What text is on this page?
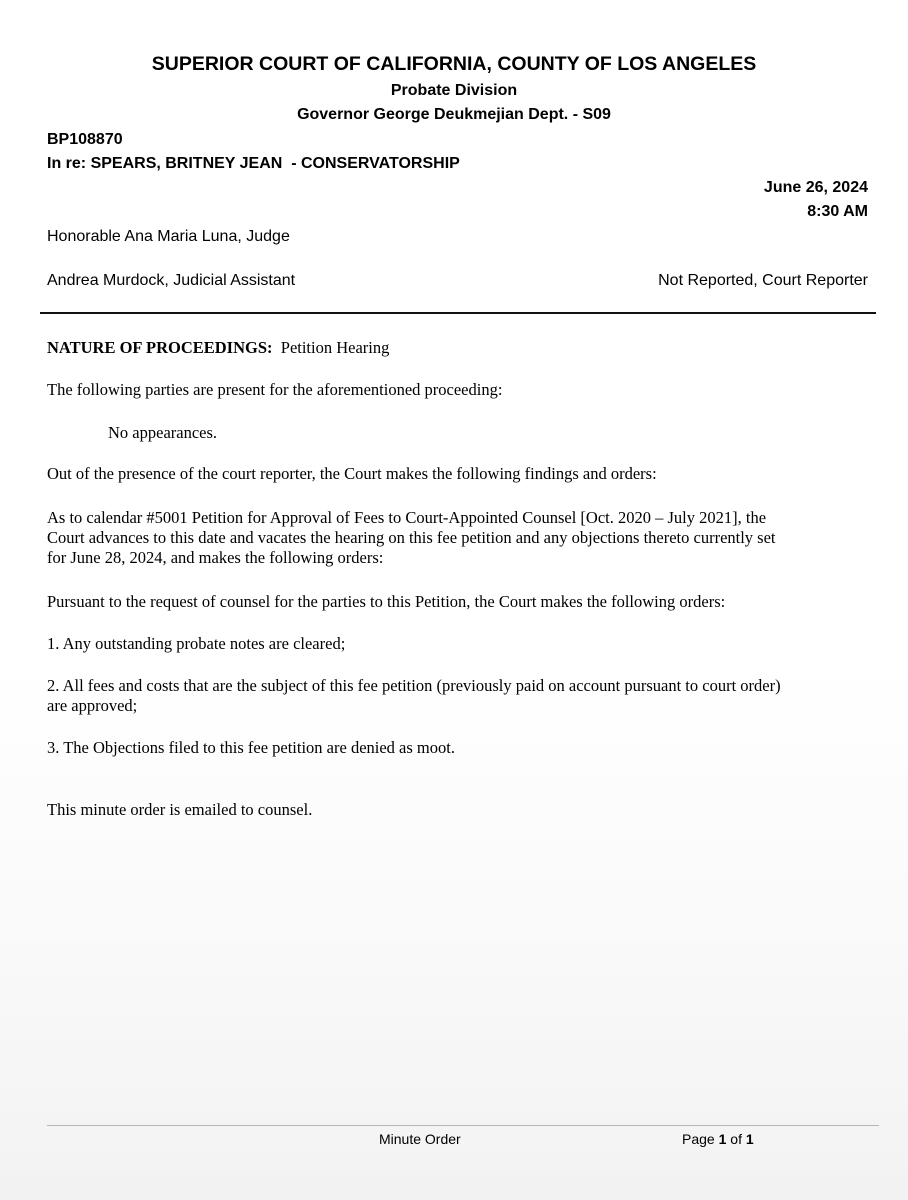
SUPERIOR COURT OF CALIFORNIA, COUNTY OF LOS ANGELES
Probate Division
Governor George Deukmejian Dept. - S09
BP108870
In re: SPEARS, BRITNEY JEAN  - CONSERVATORSHIP
June 26, 2024
8:30 AM
Honorable Ana Maria Luna, Judge
Andrea Murdock, Judicial Assistant	Not Reported, Court Reporter
NATURE OF PROCEEDINGS: Petition Hearing
The following parties are present for the aforementioned proceeding:
No appearances.
Out of the presence of the court reporter, the Court makes the following findings and orders:
As to calendar #5001 Petition for Approval of Fees to Court-Appointed Counsel [Oct. 2020 – July 2021], the
Court advances to this date and vacates the hearing on this fee petition and any objections thereto currently set
for June 28, 2024, and makes the following orders:
Pursuant to the request of counsel for the parties to this Petition, the Court makes the following orders:
1. Any outstanding probate notes are cleared;
2. All fees and costs that are the subject of this fee petition (previously paid on account pursuant to court order)
are approved;
3. The Objections filed to this fee petition are denied as moot.
This minute order is emailed to counsel.
Minute Order	Page 1 of 1
